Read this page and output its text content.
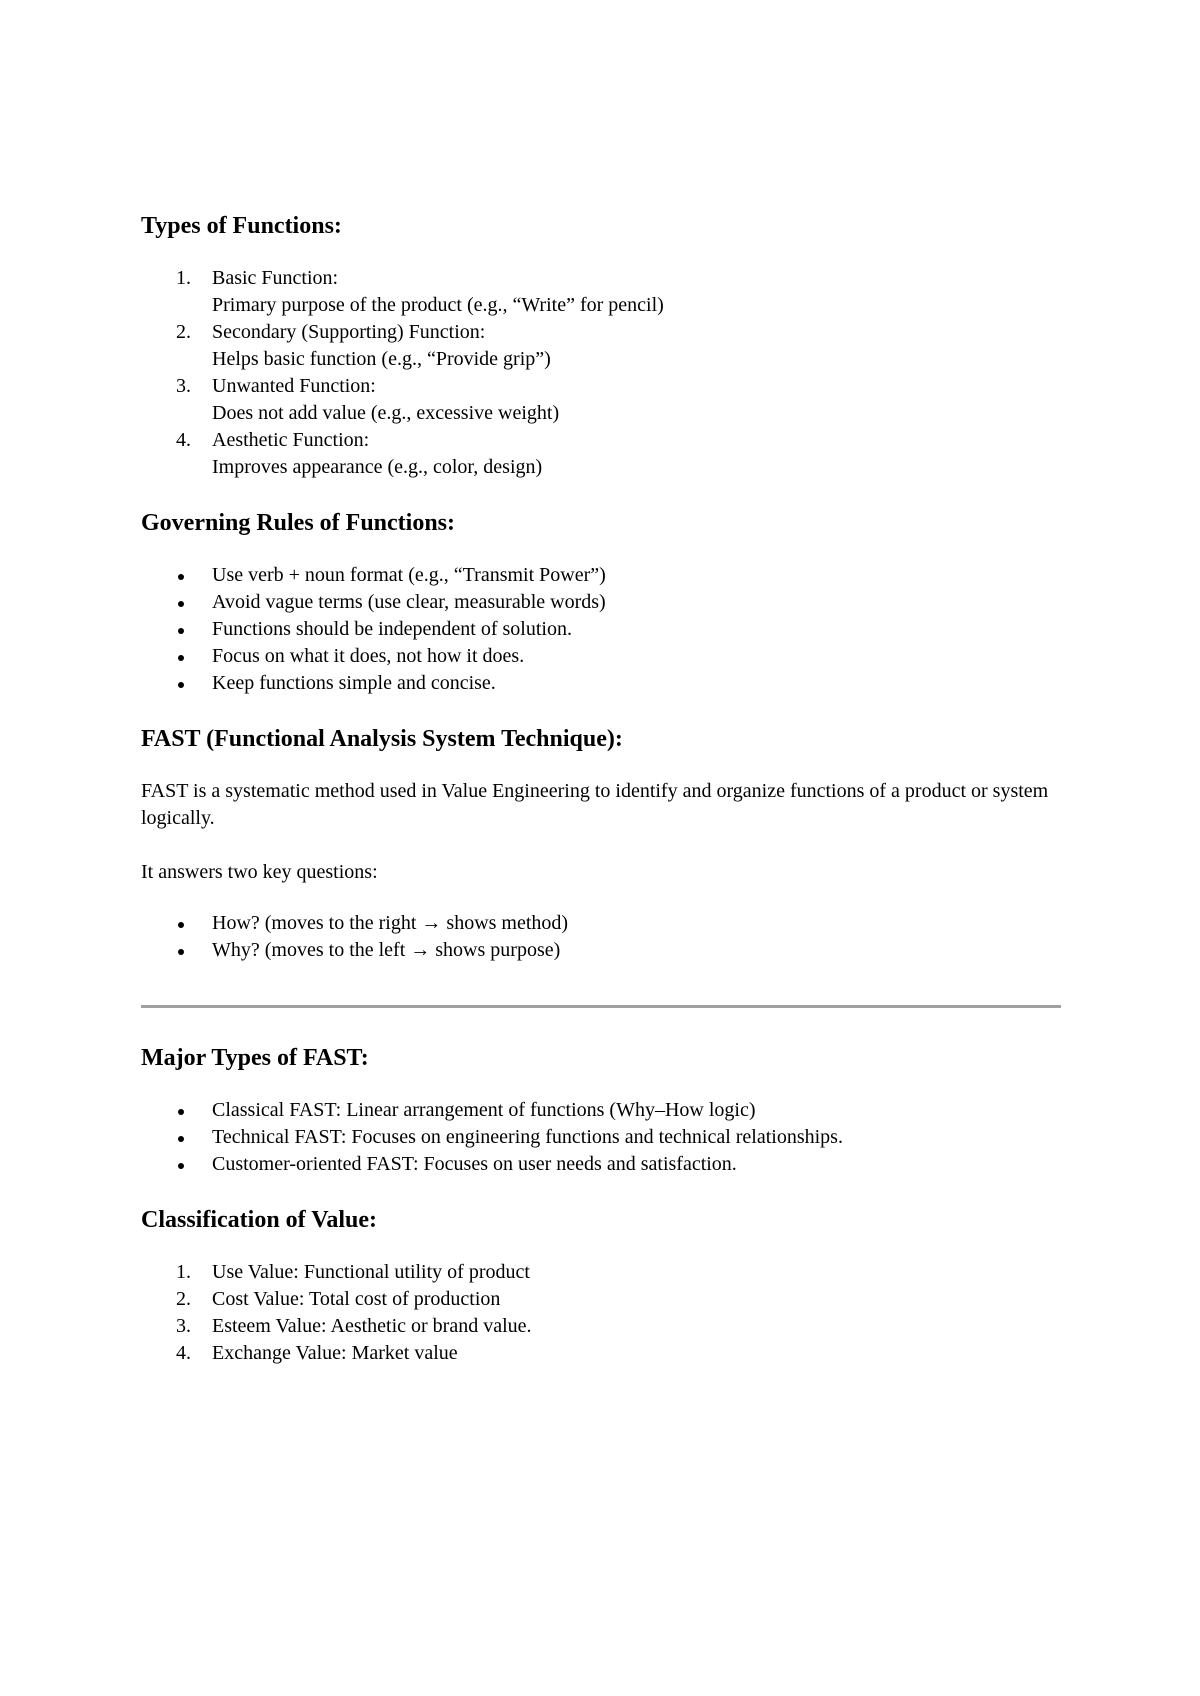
Types of Functions:
1. Basic Function:
Primary purpose of the product (e.g., “Write” for pencil)
2. Secondary (Supporting) Function:
Helps basic function (e.g., “Provide grip”)
3. Unwanted Function:
Does not add value (e.g., excessive weight)
4. Aesthetic Function:
Improves appearance (e.g., color, design)
Governing Rules of Functions:
Use verb + noun format (e.g., “Transmit Power”)
Avoid vague terms (use clear, measurable words)
Functions should be independent of solution.
Focus on what it does, not how it does.
Keep functions simple and concise.
FAST (Functional Analysis System Technique):

FAST is a systematic method used in Value Engineering to identify and organize functions of a product or system logically.

It answers two key questions:

How? (moves to the right → shows method)
Why? (moves to the left → shows purpose)
Major Types of FAST:
Classical FAST: Linear arrangement of functions (Why–How logic)
Technical FAST: Focuses on engineering functions and technical relationships.
Customer-oriented FAST: Focuses on user needs and satisfaction.
Classification of Value:
1. Use Value: Functional utility of product
2. Cost Value: Total cost of production
3. Esteem Value: Aesthetic or brand value.
4. Exchange Value: Market value
